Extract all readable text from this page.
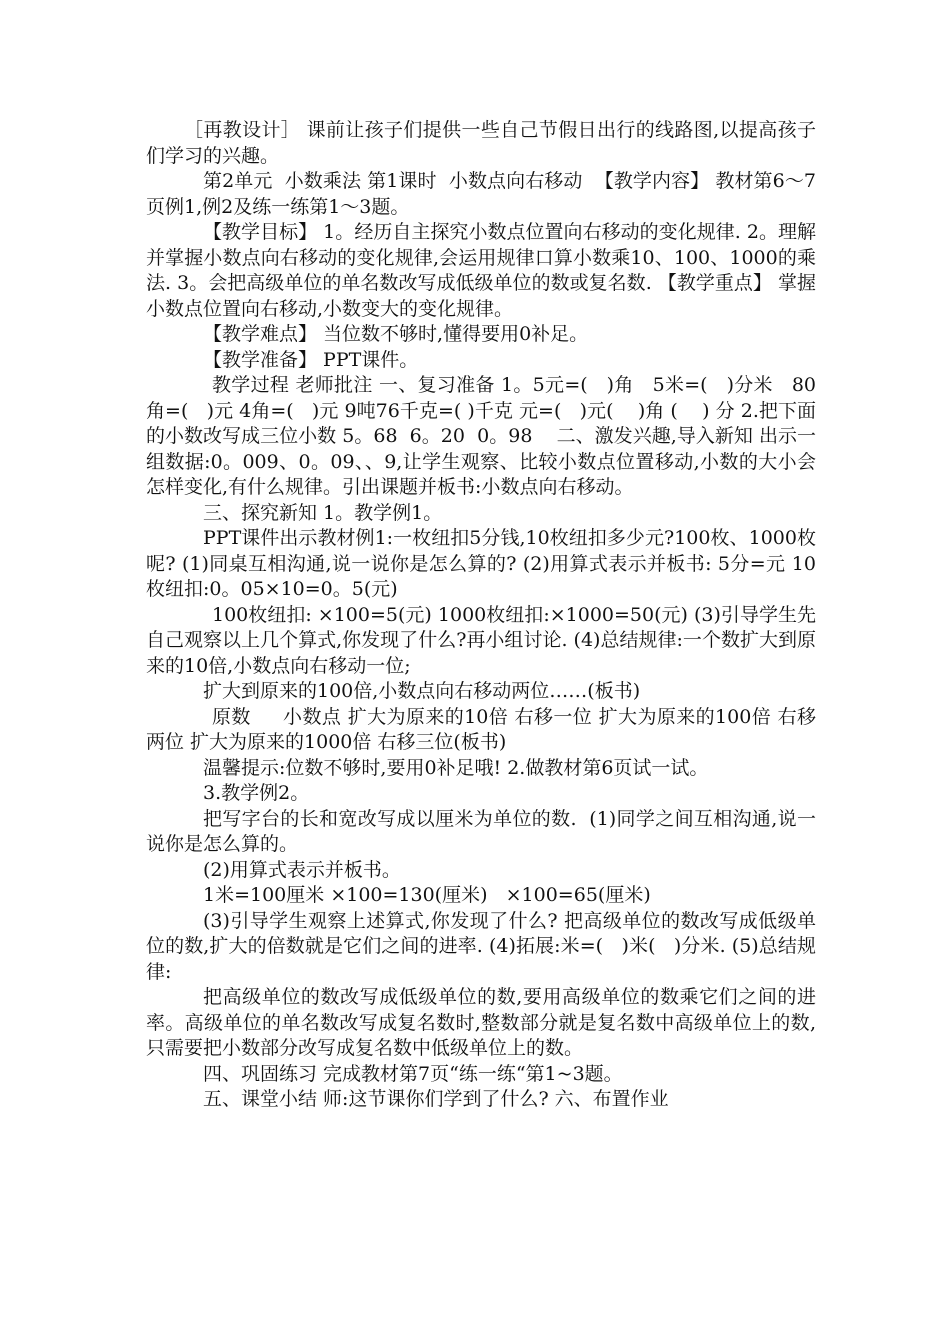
［再教设计］ 课前让孩子们提供一些自己节假日出行的线路图,以提高孩子们学习的兴趣。

第2单元  小数乘法 第1课时  小数点向右移动  【教学内容】 教材第6～7页例1,例2及练一练第1～3题。

【教学目标】 1。经历自主探究小数点位置向右移动的变化规律. 2。理解并掌握小数点向右移动的变化规律,会运用规律口算小数乘10、100、1000的乘法. 3。会把高级单位的单名数改写成低级单位的数或复名数. 【教学重点】 掌握小数点位置向右移动,小数变大的变化规律。

【教学难点】 当位数不够时,懂得要用0补足。

【教学准备】 PPT课件。

教学过程 老师批注 一、复习准备 1。5元=(   )角   5米=(   )分米   80角=(   )元 4角=(   )元 9吨76千克=( )千克 元=(   )元(    )角 (    ) 分 2.把下面的小数改写成三位小数 5。68  6。20  0。98    二、激发兴趣,导入新知 出示一组数据:0。009、0。09、、9,让学生观察、比较小数点位置移动,小数的大小会怎样变化,有什么规律。引出课题并板书:小数点向右移动。

三、探究新知 1。教学例1。

PPT课件出示教材例1:一枚纽扣5分钱,10枚纽扣多少元?100枚、1000枚呢? (1)同桌互相沟通,说一说你是怎么算的? (2)用算式表示并板书: 5分=元 10枚纽扣:0。05×10=0。5(元)

100枚纽扣: ×100=5(元) 1000枚纽扣:×1000=50(元) (3)引导学生先自己观察以上几个算式,你发现了什么?再小组讨论. (4)总结规律:一个数扩大到原来的10倍,小数点向右移动一位;

扩大到原来的100倍,小数点向右移动两位……(板书)

原数     小数点 扩大为原来的10倍 右移一位 扩大为原来的100倍 右移两位 扩大为原来的1000倍 右移三位(板书)

温馨提示:位数不够时,要用0补足哦! 2.做教材第6页试一试。

3.教学例2。

把写字台的长和宽改写成以厘米为单位的数.  (1)同学之间互相沟通,说一说你是怎么算的。

(2)用算式表示并板书。

1米=100厘米 ×100=130(厘米)   ×100=65(厘米)

(3)引导学生观察上述算式,你发现了什么? 把高级单位的数改写成低级单位的数,扩大的倍数就是它们之间的进率. (4)拓展:米=(   )米(   )分米. (5)总结规律:

把高级单位的数改写成低级单位的数,要用高级单位的数乘它们之间的进率。高级单位的单名数改写成复名数时,整数部分就是复名数中高级单位上的数,只需要把小数部分改写成复名数中低级单位上的数。

四、巩固练习 完成教材第7页“练一练“第1~3题。

五、课堂小结 师:这节课你们学到了什么? 六、布置作业
